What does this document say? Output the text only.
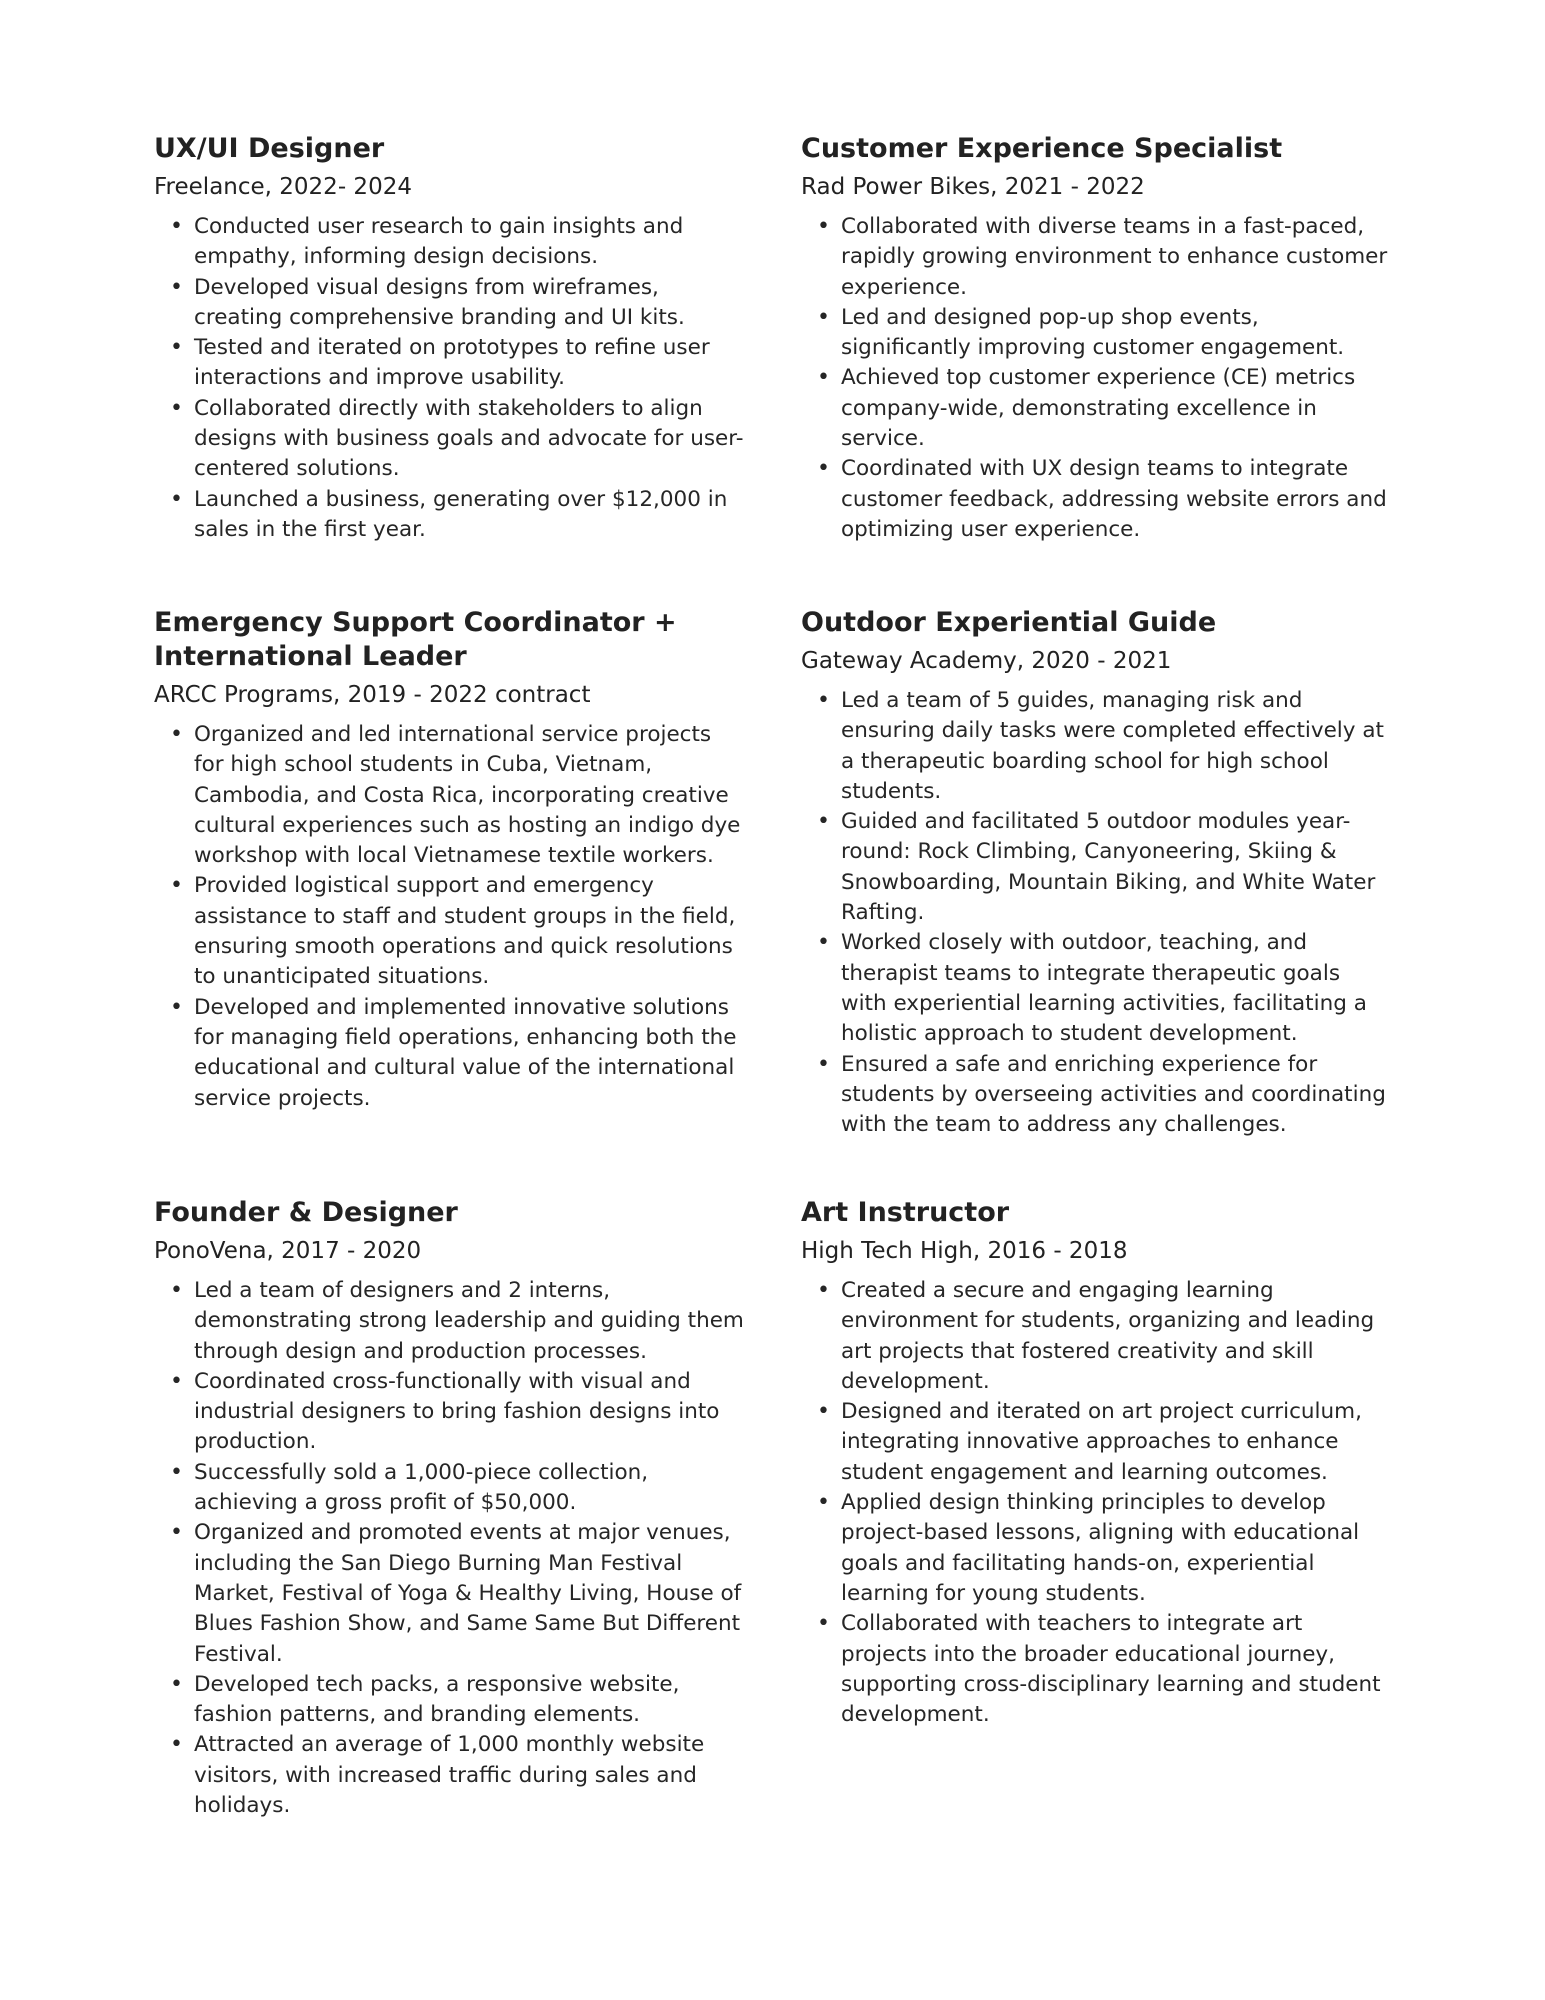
UX/UI Designer
Freelance, 2022- 2024
• Conducted user research to gain insights and empathy, informing design decisions.
• Developed visual designs from wireframes, creating comprehensive branding and UI kits.
• Tested and iterated on prototypes to refine user interactions and improve usability.
• Collaborated directly with stakeholders to align designs with business goals and advocate for user-centered solutions.
• Launched a business, generating over $12,000 in sales in the first year.
Customer Experience Specialist
Rad Power Bikes, 2021 - 2022
• Collaborated with diverse teams in a fast-paced, rapidly growing environment to enhance customer experience.
• Led and designed pop-up shop events, significantly improving customer engagement.
• Achieved top customer experience (CE) metrics company-wide, demonstrating excellence in service.
• Coordinated with UX design teams to integrate customer feedback, addressing website errors and optimizing user experience.
Emergency Support Coordinator + International Leader
ARCC Programs, 2019 - 2022 contract
• Organized and led international service projects for high school students in Cuba, Vietnam, Cambodia, and Costa Rica, incorporating creative cultural experiences such as hosting an indigo dye workshop with local Vietnamese textile workers.
• Provided logistical support and emergency assistance to staff and student groups in the field, ensuring smooth operations and quick resolutions to unanticipated situations.
• Developed and implemented innovative solutions for managing field operations, enhancing both the educational and cultural value of the international service projects.
Outdoor Experiential Guide
Gateway Academy, 2020 - 2021
• Led a team of 5 guides, managing risk and ensuring daily tasks were completed effectively at a therapeutic boarding school for high school students.
• Guided and facilitated 5 outdoor modules year-round: Rock Climbing, Canyoneering, Skiing & Snowboarding, Mountain Biking, and White Water Rafting.
• Worked closely with outdoor, teaching, and therapist teams to integrate therapeutic goals with experiential learning activities, facilitating a holistic approach to student development.
• Ensured a safe and enriching experience for students by overseeing activities and coordinating with the team to address any challenges.
Founder & Designer
PonoVena, 2017 - 2020
• Led a team of designers and 2 interns, demonstrating strong leadership and guiding them through design and production processes.
• Coordinated cross-functionally with visual and industrial designers to bring fashion designs into production.
• Successfully sold a 1,000-piece collection, achieving a gross profit of $50,000.
• Organized and promoted events at major venues, including the San Diego Burning Man Festival Market, Festival of Yoga & Healthy Living, House of Blues Fashion Show, and Same Same But Different Festival.
• Developed tech packs, a responsive website, fashion patterns, and branding elements.
• Attracted an average of 1,000 monthly website visitors, with increased traffic during sales and holidays.
Art Instructor
High Tech High, 2016 - 2018
• Created a secure and engaging learning environment for students, organizing and leading art projects that fostered creativity and skill development.
• Designed and iterated on art project curriculum, integrating innovative approaches to enhance student engagement and learning outcomes.
• Applied design thinking principles to develop project-based lessons, aligning with educational goals and facilitating hands-on, experiential learning for young students.
• Collaborated with teachers to integrate art projects into the broader educational journey, supporting cross-disciplinary learning and student development.
